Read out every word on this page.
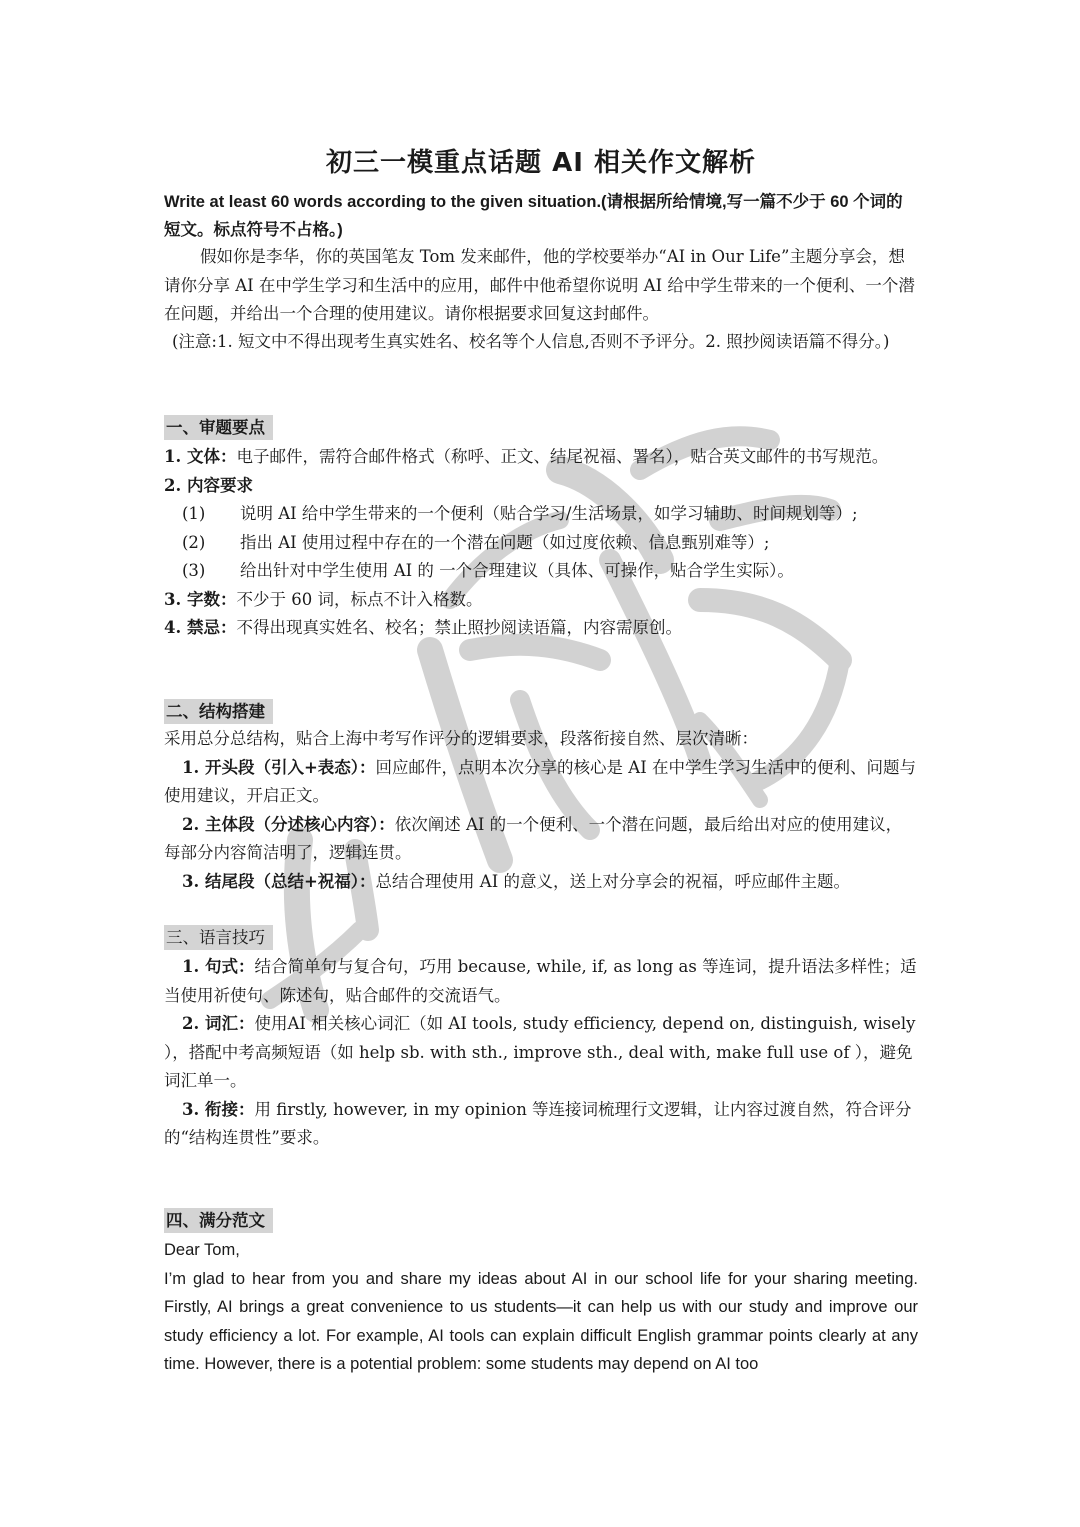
初三一模重点话题 AI 相关作文解析
Write at least 60 words according to the given situation.(请根据所给情境,写一篇不少于 60 个词的短文。标点符号不占格。)
假如你是李华，你的英国笔友 Tom 发来邮件，他的学校要举办“AI in Our Life”主题分享会，想请你分享 AI 在中学生学习和生活中的应用，邮件中他希望你说明 AI 给中学生带来的一个便利、一个潜在问题，并给出一个合理的使用建议。请你根据要求回复这封邮件。
(注意:1. 短文中不得出现考生真实姓名、校名等个人信息,否则不予评分。2. 照抄阅读语篇不得分。)
一、审题要点
1. 文体：电子邮件，需符合邮件格式（称呼、正文、结尾祝福、署名），贴合英文邮件的书写规范。
2. 内容要求
(1) 说明 AI 给中学生带来的一个便利（贴合学习/生活场景，如学习辅助、时间规划等）;
(2) 指出 AI 使用过程中存在的一个潜在问题（如过度依赖、信息甄别难等）;
(3) 给出针对中学生使用 AI 的 一个合理建议（具体、可操作，贴合学生实际）。
3. 字数：不少于 60 词，标点不计入格数。
4. 禁忌：不得出现真实姓名、校名；禁止照抄阅读语篇，内容需原创。
二、结构搭建
采用总分总结构，贴合上海中考写作评分的逻辑要求，段落衔接自然、层次清晰：
1. 开头段（引入+表态）：回应邮件，点明本次分享的核心是 AI 在中学生学习生活中的便利、问题与使用建议，开启正文。
2. 主体段（分述核心内容）：依次阐述 AI 的一个便利、一个潜在问题，最后给出对应的使用建议，每部分内容简洁明了，逻辑连贯。
3. 结尾段（总结+祝福）：总结合理使用 AI 的意义，送上对分享会的祝福，呼应邮件主题。
三、语言技巧
1. 句式：结合简单句与复合句，巧用 because, while, if, as long as 等连词，提升语法多样性；适当使用祈使句、陈述句，贴合邮件的交流语气。
2. 词汇：使用AI 相关核心词汇（如 AI tools, study efficiency, depend on, distinguish, wisely ），搭配中考高频短语（如 help sb. with sth., improve sth., deal with, make full use of ），避免词汇单一。
3. 衔接：用 firstly, however, in my opinion 等连接词梳理行文逻辑，让内容过渡自然，符合评分的“结构连贯性”要求。
四、满分范文
Dear Tom,
I’m glad to hear from you and share my ideas about AI in our school life for your sharing meeting. Firstly, AI brings a great convenience to us students—it can help us with our study and improve our study efficiency a lot. For example, AI tools can explain difficult English grammar points clearly at any time. However, there is a potential problem: some students may depend on AI too
